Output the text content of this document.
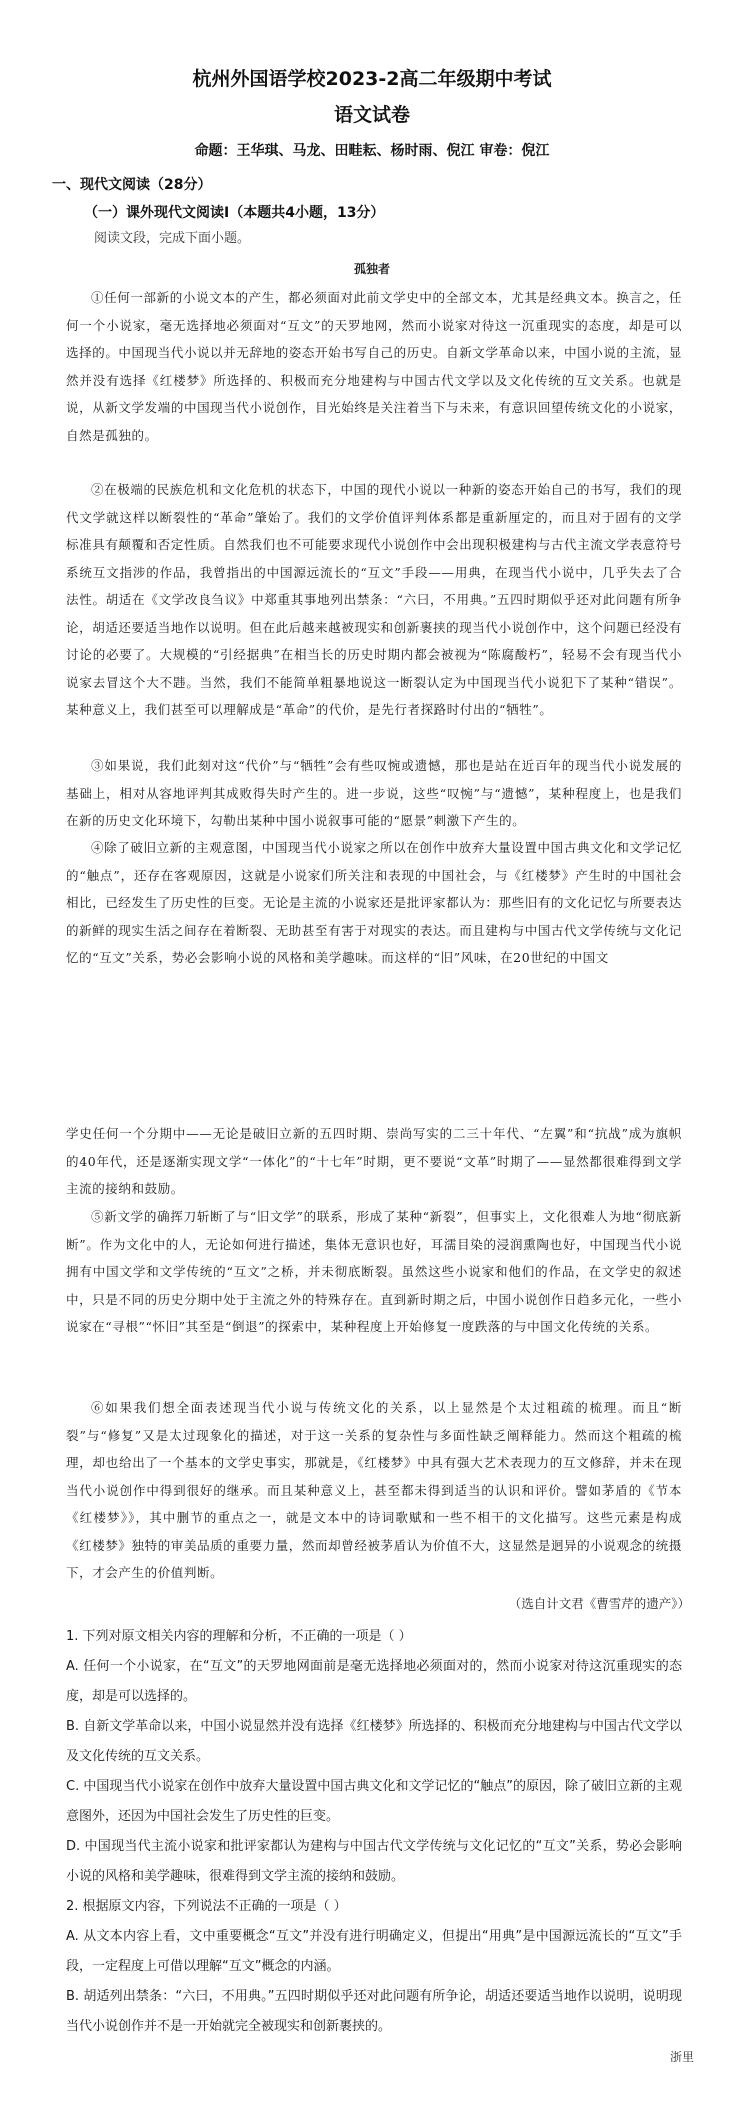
杭州外国语学校2023-2高二年级期中考试
语文试卷
命题：王华琪、马龙、田畦耘、杨时雨、倪江 审卷：倪江
一、现代文阅读（28分）
（一）课外现代文阅读Ⅰ（本题共4小题，13分）
阅读文段，完成下面小题。
孤独者
①任何一部新的小说文本的产生，都必须面对此前文学史中的全部文本，尤其是经典文本。换言之，任何一个小说家，毫无选择地必须面对“互文”的天罗地网，然而小说家对待这一沉重现实的态度，却是可以选择的。中国现当代小说以并无辞地的姿态开始书写自己的历史。自新文学革命以来，中国小说的主流，显然并没有选择《红楼梦》所选择的、积极而充分地建构与中国古代文学以及文化传统的互文关系。也就是说，从新文学发端的中国现当代小说创作，目光始终是关注着当下与未来，有意识回望传统文化的小说家，自然是孤独的。
②在极端的民族危机和文化危机的状态下，中国的现代小说以一种新的姿态开始自己的书写，我们的现代文学就这样以断裂性的“革命”肇始了。我们的文学价值评判体系都是重新厘定的，而且对于固有的文学标准具有颠覆和否定性质。自然我们也不可能要求现代小说创作中会出现积极建构与古代主流文学表意符号系统互文指涉的作品，我曾指出的中国源远流长的“互文”手段——用典，在现当代小说中，几乎失去了合法性。胡适在《文学改良刍议》中郑重其事地列出禁条：“六曰，不用典。”五四时期似乎还对此问题有所争论，胡适还要适当地作以说明。但在此后越来越被现实和创新裹挟的现当代小说创作中，这个问题已经没有讨论的必要了。大规模的“引经据典”在相当长的历史时期内都会被视为“陈腐酸朽”，轻易不会有现当代小说家去冒这个大不韪。当然，我们不能简单粗暴地说这一断裂认定为中国现当代小说犯下了某种“错误”。某种意义上，我们甚至可以理解成是“革命”的代价，是先行者探路时付出的“牺牲”。
③如果说，我们此刻对这“代价”与“牺牲”会有些叹惋或遗憾，那也是站在近百年的现当代小说发展的基础上，相对从容地评判其成败得失时产生的。进一步说，这些“叹惋”与“遗憾”，某种程度上，也是我们在新的历史文化环境下，勾勒出某种中国小说叙事可能的“愿景”刺激下产生的。
④除了破旧立新的主观意图，中国现当代小说家之所以在创作中放弃大量设置中国古典文化和文学记忆的“触点”，还存在客观原因，这就是小说家们所关注和表现的中国社会，与《红楼梦》产生时的中国社会相比，已经发生了历史性的巨变。无论是主流的小说家还是批评家都认为：那些旧有的文化记忆与所要表达的新鲜的现实生活之间存在着断裂、无助甚至有害于对现实的表达。而且建构与中国古代文学传统与文化记忆的“互文”关系，势必会影响小说的风格和美学趣味。而这样的“旧”风味，在20世纪的中国文
学史任何一个分期中——无论是破旧立新的五四时期、崇尚写实的二三十年代、“左翼”和“抗战”成为旗帜的40年代，还是逐渐实现文学“一体化”的“十七年”时期，更不要说“文革”时期了——显然都很难得到文学主流的接纳和鼓励。
⑤新文学的确挥刀斩断了与“旧文学”的联系，形成了某种“新裂”，但事实上，文化很难人为地“彻底新断”。作为文化中的人，无论如何进行描述，集体无意识也好，耳濡目染的浸润熏陶也好，中国现当代小说拥有中国文学和文学传统的“互文”之桥，并未彻底断裂。虽然这些小说家和他们的作品，在文学史的叙述中，只是不同的历史分期中处于主流之外的特殊存在。直到新时期之后，中国小说创作日趋多元化，一些小说家在“寻根”“怀旧”其至是“倒退”的探索中，某种程度上开始修复一度跌落的与中国文化传统的关系。
⑥如果我们想全面表述现当代小说与传统文化的关系，以上显然是个太过粗疏的梳理。而且“断裂”与“修复”又是太过现象化的描述，对于这一关系的复杂性与多面性缺乏阐释能力。然而这个粗疏的梳理，却也给出了一个基本的文学史事实，那就是，《红楼梦》中具有强大艺术表现力的互文修辞，并未在现当代小说创作中得到很好的继承。而且某种意义上，甚至都未得到适当的认识和评价。譬如茅盾的《节本《红楼梦》》，其中删节的重点之一，就是文本中的诗词歌赋和一些不相干的文化描写。这些元素是构成《红楼梦》独特的审美品质的重要力量，然而却曾经被茅盾认为价值不大，这显然是迥异的小说观念的统摄下，才会产生的价值判断。
（选自计文君《曹雪芹的遗产》）
1. 下列对原文相关内容的理解和分析，不正确的一项是（ ）
A. 任何一个小说家，在“互文”的天罗地网面前是毫无选择地必须面对的，然而小说家对待这沉重现实的态度，却是可以选择的。
B. 自新文学革命以来，中国小说显然并没有选择《红楼梦》所选择的、积极而充分地建构与中国古代文学以及文化传统的互文关系。
C. 中国现当代小说家在创作中放弃大量设置中国古典文化和文学记忆的“触点”的原因，除了破旧立新的主观意图外，还因为中国社会发生了历史性的巨变。
D. 中国现当代主流小说家和批评家都认为建构与中国古代文学传统与文化记忆的“互文”关系，势必会影响小说的风格和美学趣味，很难得到文学主流的接纳和鼓励。
2. 根据原文内容，下列说法不正确的一项是（ ）
A. 从文本内容上看，文中重要概念“互文”并没有进行明确定义，但提出“用典”是中国源远流长的“互文”手段，一定程度上可借以理解“互文”概念的内涵。
B. 胡适列出禁条：“六曰，不用典。”五四时期似乎还对此问题有所争论，胡适还要适当地作以说明，说明现当代小说创作并不是一开始就完全被现实和创新裹挟的。
浙里
